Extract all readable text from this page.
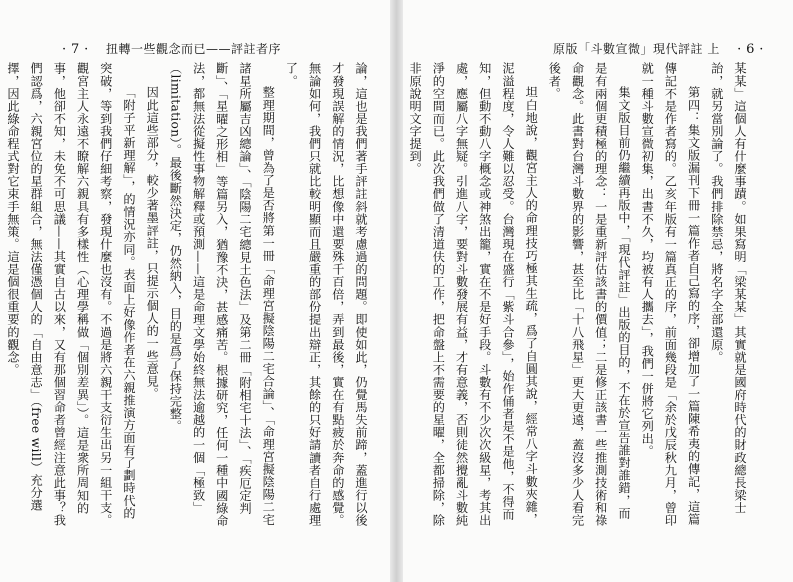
· 7 · 扭轉一些觀念而已——評註者序

論，這也是我們著手評註斜就考慮過的問題。即使如此，仍覺馬失前蹄，蓋進行以後才發現誤解的情況，比想像中還要殊千百倍，弄到最後，實在有點疲於奔命的感覺。無論如何，我們只就比較明顯而且嚴重的部份提出辯正，其餘的只好請讀者自行處理了。

整理期間，曾為了是否將第一冊「命理宮擬陰陽二宅合論」、「命理宮擬陰陽二宅諸星所屬吉凶總論」、「陰陽二宅總見土色法」及第二冊「附相宅十法」、「疾厄定判斷」、「星曜之形相」等篇另入，猶豫不決，甚感痛苦。根據研究，任何一種中國綠命法，都無法從擬性事物解釋或預測——這是命理文學始終無法逾越的一個「極致」（limitation）。最後斷然決定，仍然納入，目的是爲了保持完整。

因此這些部分，較少著墨評註，只提示個人的一些意見。

「附子平新理解」，的情況亦同。表面上好像作者在六親推演方面有了劃時代的突破，等到我們仔細考察，發現什麼也沒有。不過是將六親干支衍生出另一組干支。觀宮主人永遠不瞭解六親具有多樣性（心理學稱做「個別差異」）。這是衆所周知的事，他卻不知，未免不可思議——其實自古以來，又有那個習命者曾經注意此事？我們認爲，六親宮位的星群組合，無法僅憑個人的「自由意志」（free will）充分選擇，因此綠命程式對它束手無策。這是個很重要的觀念。

原版「斗數宣微」現代評註 上 · 6 ·

某某」這個人有什麼事蹟。如果寫明「梁某某」其實就是國府時代的財政總長梁士詒，就另當別論了。我們排除禁忌，將名字全部還原。

第四：集文版漏刊下冊一篇作者自己寫的序，卻增加了一篇陳希夷的傳記，這篇傳記不是作者寫的。乙亥年版有一篇真正的序，前面幾段是「余於戊辰秋九月，曾印就一種斗數宣微初集，出書不久，均被有人攜去」，我們一併將它列出。

集文版目前仍繼續再版中，「現代評註」出版的目的，不在於宣告誰對誰錯，而是有兩個更積極的理念：一是重新評估該書的價值；二是修正該書一些推測技術和祿命觀念。此書對台灣斗數界的影響，甚至比「十八飛星」更大更遠，蓋沒多少人看完後者。

坦白地說，觀宮主人的命理技巧極其生疏，爲了自圓其說，經常八字斗數夾雜，泥溢程度，令人難以忍受。台灣現在盛行「紫斗合參」，始作俑者是不是他，不得而知，但動不動八字概念或神煞出籠，實在不是好手段。斗數有不少次次級星，考其出處，應屬八字無疑。引進八字，要對斗數發展有益，才有意義，否則徒然攪亂斗數純淨的空間而已。此次我們做了清道伕的工作，把命盤上不需要的星曜，全都掃除，除非原說明文字提到。
